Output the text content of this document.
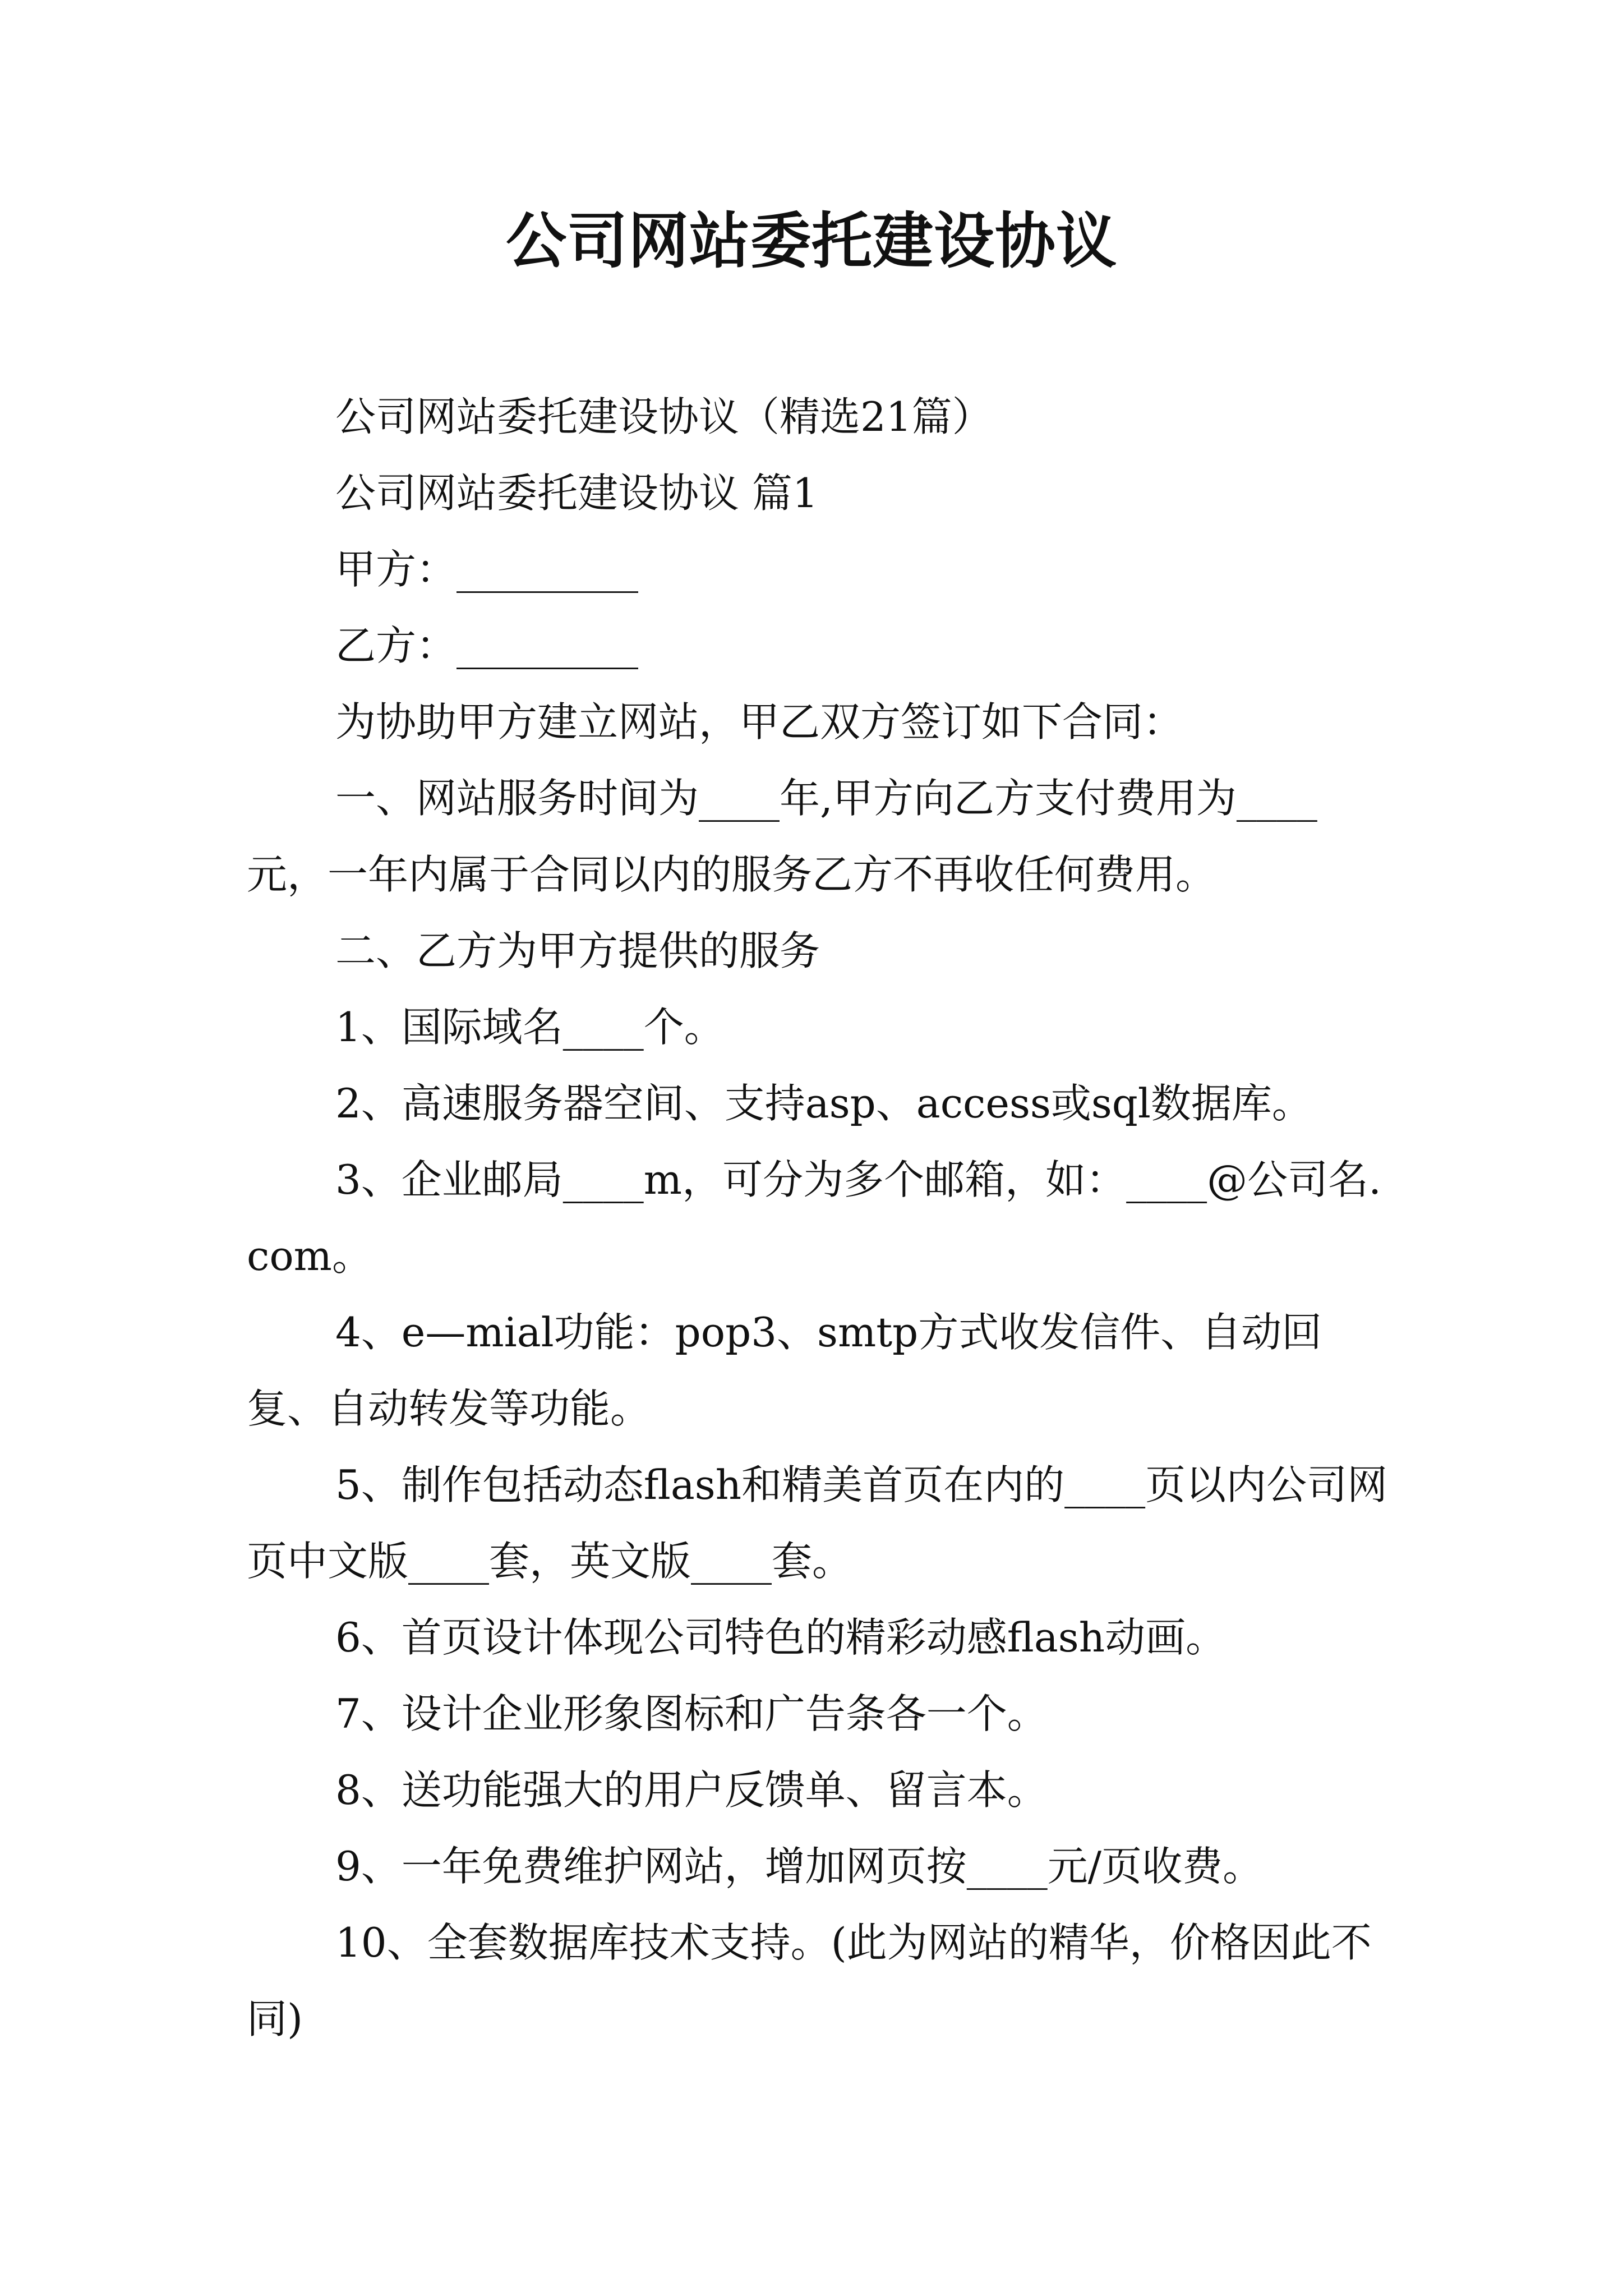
公司网站委托建设协议

公司网站委托建设协议（精选21篇）

公司网站委托建设协议 篇1

甲方：_________

乙方：_________

为协助甲方建立网站，甲乙双方签订如下合同：

一、网站服务时间为____年,甲方向乙方支付费用为____元，一年内属于合同以内的服务乙方不再收任何费用。

二、乙方为甲方提供的服务

1、国际域名____个。

2、高速服务器空间、支持asp、access或sql数据库。

3、企业邮局____m，可分为多个邮箱，如：____@公司名.com。

4、e—mial功能：pop3、smtp方式收发信件、自动回复、自动转发等功能。

5、制作包括动态flash和精美首页在内的____页以内公司网页中文版____套，英文版____套。

6、首页设计体现公司特色的精彩动感flash动画。

7、设计企业形象图标和广告条各一个。

8、送功能强大的用户反馈单、留言本。

9、一年免费维护网站，增加网页按____元/页收费。

10、全套数据库技术支持。(此为网站的精华，价格因此不同)
